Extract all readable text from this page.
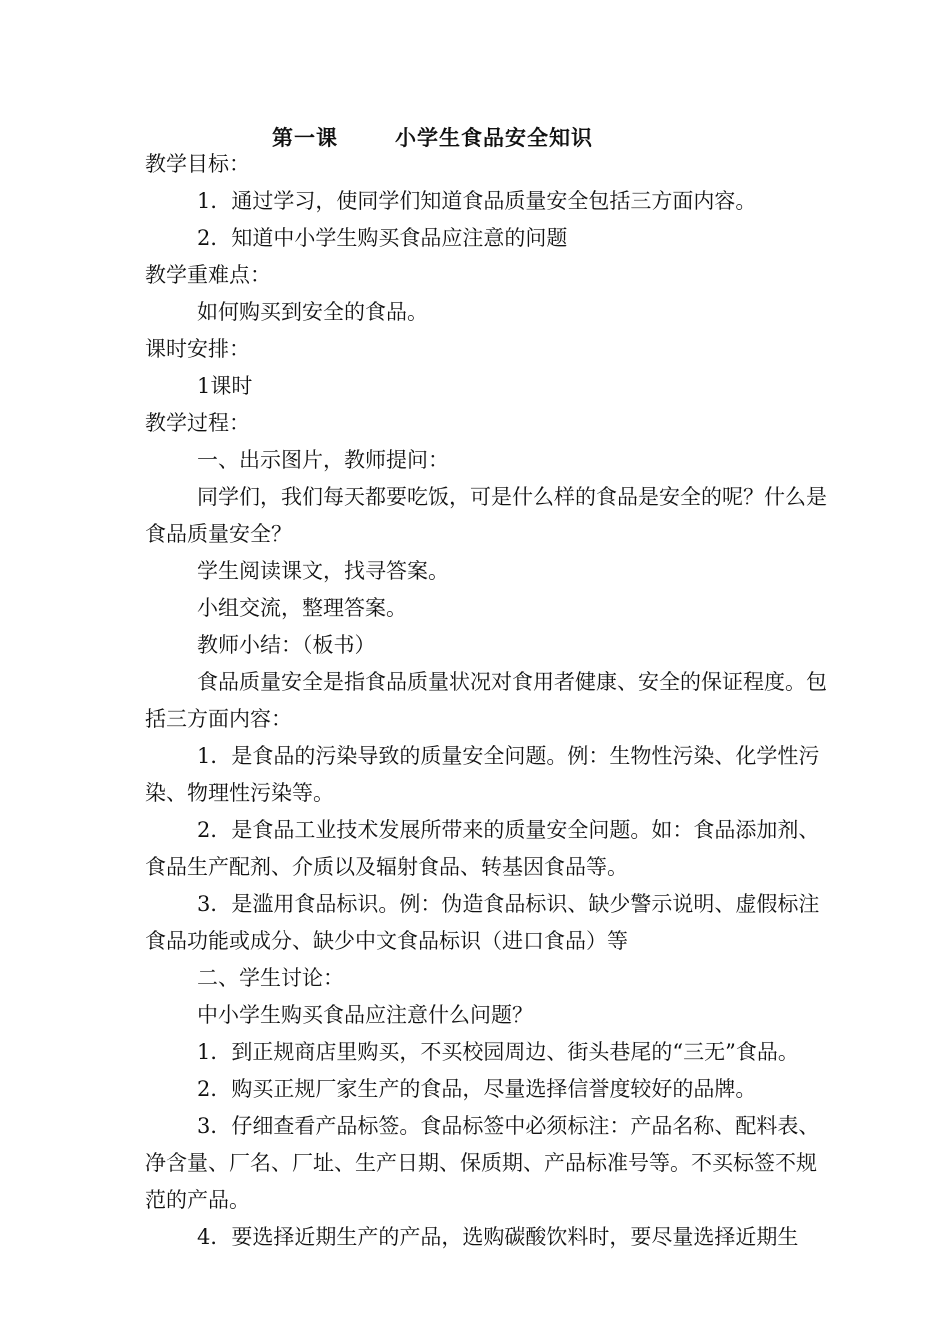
第一课	小学生食品安全知识

教学目标：

1．通过学习，使同学们知道食品质量安全包括三方面内容。

2．知道中小学生购买食品应注意的问题

教学重难点：

如何购买到安全的食品。

课时安排：

1课时

教学过程：

一、出示图片，教师提问：

同学们，我们每天都要吃饭，可是什么样的食品是安全的呢？什么是食品质量安全？

学生阅读课文，找寻答案。

小组交流，整理答案。

教师小结：（板书）

食品质量安全是指食品质量状况对食用者健康、安全的保证程度。包括三方面内容：

1．是食品的污染导致的质量安全问题。例：生物性污染、化学性污染、物理性污染等。

2．是食品工业技术发展所带来的质量安全问题。如：食品添加剂、食品生产配剂、介质以及辐射食品、转基因食品等。

3．是滥用食品标识。例：伪造食品标识、缺少警示说明、虚假标注食品功能或成分、缺少中文食品标识（进口食品）等

二、学生讨论：

中小学生购买食品应注意什么问题？

1．到正规商店里购买，不买校园周边、街头巷尾的“三无”食品。

2．购买正规厂家生产的食品，尽量选择信誉度较好的品牌。

3．仔细查看产品标签。食品标签中必须标注：产品名称、配料表、净含量、厂名、厂址、生产日期、保质期、产品标准号等。不买标签不规范的产品。

4．要选择近期生产的产品，选购碳酸饮料时，要尽量选择近期生
